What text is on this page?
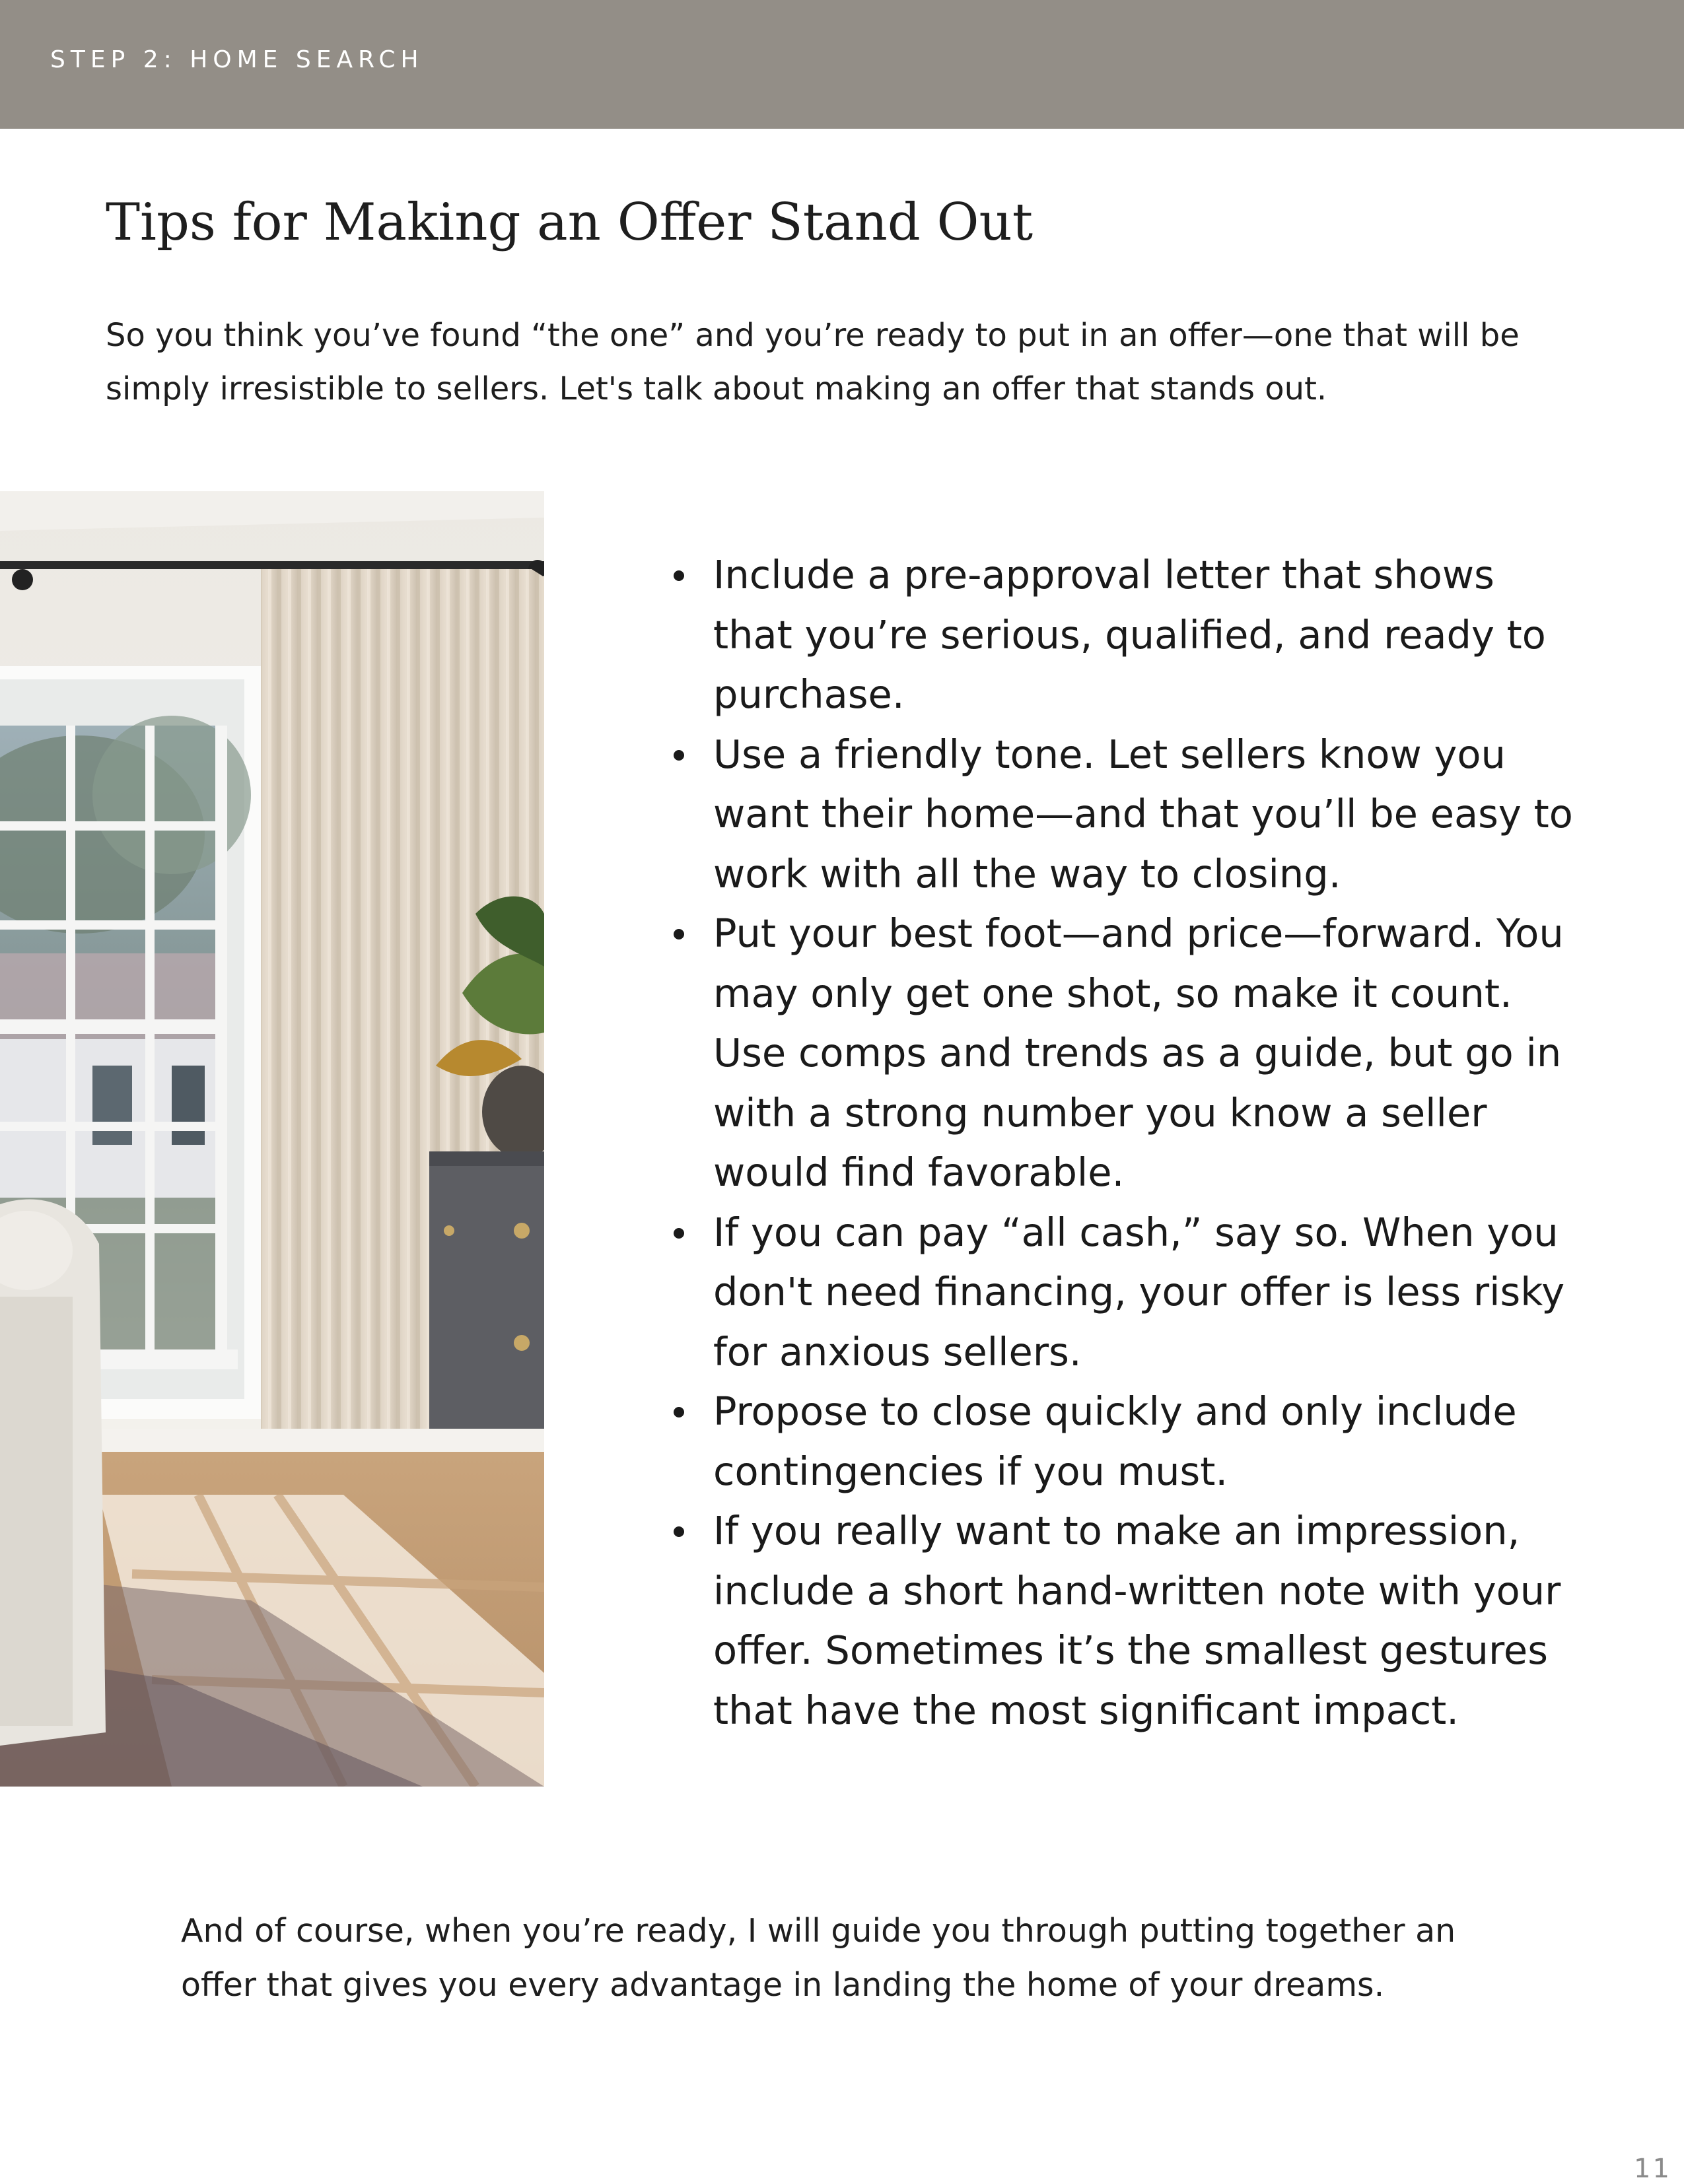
STEP 2: HOME SEARCH
Tips for Making an Offer Stand Out

So you think you’ve found “the one” and you’re ready to put in an offer—one that will be simply irresistible to sellers. Let's talk about making an offer that stands out.

Include a pre-approval letter that shows that you’re serious, qualified, and ready to purchase.
Use a friendly tone. Let sellers know you want their home—and that you’ll be easy to work with all the way to closing.
Put your best foot—and price—forward. You may only get one shot, so make it count. Use comps and trends as a guide, but go in with a strong number you know a seller would find favorable.
If you can pay “all cash,” say so. When you don't need financing, your offer is less risky for anxious sellers.
Propose to close quickly and only include contingencies if you must.
If you really want to make an impression, include a short hand-written note with your offer. Sometimes it’s the smallest gestures that have the most significant impact.

And of course, when you’re ready, I will guide you through putting together an offer that gives you every advantage in landing the home of your dreams.

11
